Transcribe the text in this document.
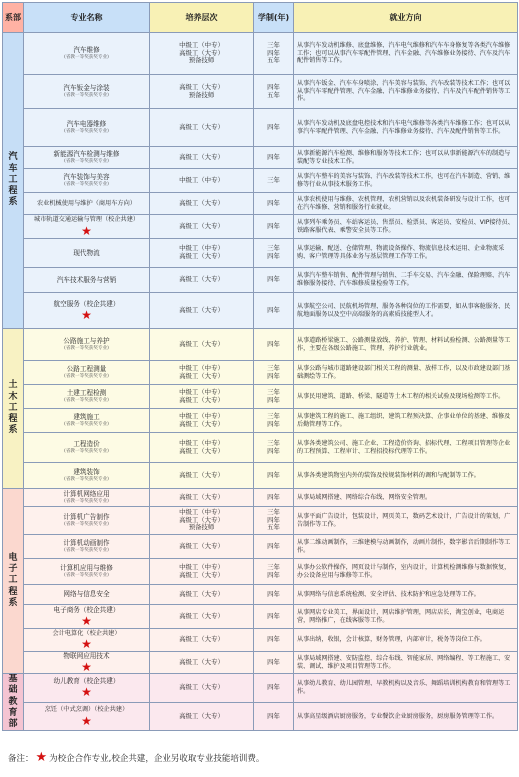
系部	专业名称	培养层次	学制(年)	就业方向
汽车工程系	汽车维修
(省教一等奖获奖专业)	中级工（中专）
高级工（大专）
预备技师	三年
四年
五年	从事汽车发动机维修、底盘维修、汽车电气维修和汽车车身修复等各类汽车维修工作；也可以从事汽车零配件管理、汽车金融、汽车维修业务接待、汽车及汽车配件销售等工作。

	汽车钣金与涂装
(省教一等奖获奖专业)	高级工（大专）
预备技师	四年
五年	从事汽车钣金、汽车车身喷涂、汽车美容与装饰、汽车改装等技术工作；也可以从事汽车零配件管理、汽车金融、汽车维修业务接待、汽车及汽车配件销售等工作。

	汽车电器维修
(省教一等奖获奖专业)	高级工（大专）	四年	从事汽车发动机及底盘电控技术和汽车电气维修等各类汽车维修工作；也可以从事汽车零配件管理、汽车金融、汽车维修业务接待、汽车及配件销售等工作。

	新能源汽车检测与维修
(省教一等奖获奖专业)	高级工（大专）	四年	从事新能源汽车检测、维修和服务等技术工作；也可以从事新能源汽车的制造与装配等专业技术工作。

	汽车装饰与美容
(省教一等奖获奖专业)	中级工（中专）	三年	从事汽车整车的美容与装饰、汽车改装等技术工作，也可在汽车制造、营销、维修等行业从事技术服务工作。

	农业机械使用与维护（商用车方向）	高级工（大专）	四年	从事农机使用与维修、农机管理、农机营销以及农机装备研发与设计工作，也可在汽车维修、营销和服务行业就业。

	城市轨道交通运输与管理（校企共建）
★	高级工（大专）	四年	从事列车乘务员、车站客运员、售票员、检票员、客运员、安检员、VIP接待员、铁路客服代表、乘警安全员等工作。

	现代物流	中级工（中专）
高级工（大专）	三年
四年	从事运输、配送、仓储管理、物流设备操作、物流信息技术运用、企业物流采购、客户管理等具体业务与基层管理工作等工作。

	汽车技术服务与营销	高级工（大专）	四年	从事汽车整车销售、配件管理与销售、二手车交易、汽车金融、保险理赔、汽车维修服务接待、汽车维修质量检验等工作。

	航空服务（校企共建）
★	高级工（大专）	四年	从事航空公司、民航机场管理、服务各种岗位的工作需要，如从事客舱服务、民航地面服务以及空中高端服务的高素质技能型人才。
土木工程系	公路施工与养护
(省教一等奖获奖专业)	高级工（大专）	四年	从事道路桥梁施工、公路测量放线、养护、管理、材料试验检测、公路测量等工作，主要在各级公路施工、管理、养护行业就业。

	公路工程测量
(省教一等奖获奖专业)	中级工（中专）
高级工（大专）	三年
四年	从事公路与城市道路建设部门相关工程的测量、放样工作，以及市政建设部门基础测绘等工作。

	土建工程检测
(省教一等奖获奖专业)	中级工（中专）
高级工（大专）	三年
四年	从事民用建筑、道路、桥梁、隧道等土木工程的相关试验及现场检测等工作。

	建筑施工
(省教一等奖获奖专业)	中级工（中专）
高级工（大专）	三年
四年	从事建筑工程的施工、施工组织、建筑工程预决算、企事业单位的基建、维修及后勤管理等工作。

	工程造价
(省教一等奖获奖专业)	中级工（中专）
高级工（大专）	三年
四年	从事各类建筑公司、施工企业、工程造价咨询、招标代理、工程项目管理等企业的工程预算、工程审计、工程招投标代理等工作。

	建筑装饰
(省教一等奖获奖专业)	高级工（大专）	四年	从事各类建筑物室内外的装饰及按规装饰材料的调和与配制等工作。
电子工程系	计算机网络应用
(省教一等奖获奖专业)	高级工（大专）	四年	从事局域网搭建、网络综合布线、网络安全管理。

	计算机广告制作
(省教一等奖获奖专业)	中级工（中专）
高级工（大专）
预备技师	三年
四年
五年	从事平面广告设计，包装设计，网页美工，数码艺术设计，广告设计的策划，广告制作等工作。

	计算机动画制作
(省教一等奖获奖专业)	高级工（大专）	四年	从事二维动画制作，三维建模与动画制作，动画片制作，数字影音后期制作等工作。

	计算机应用与维修
(省教一等奖获奖专业)	中级工（中专）
高级工（大专）	三年
四年	从事办公软件操作，网页设计与制作，室内设计，计算机检测维修与数据恢复，办公设备应用与维修等工作。

	网络与信息安全	高级工（大专）	四年	从事网络与信息系统检测、安全评估、技术防护和应急处理等工作。

	电子商务（校企共建）
★	高级工（大专）	四年	从事网店专业美工，界面设计，网店维护管理，网店店长，淘宝创业，电商运营，网络推广，在线客服等工作。

	会计电算化（校企共建）
★	高级工（大专）	四年	从事出纳，收银，会计核算，财务管理，内部审计，税务等岗位工作。

	物联网应用技术
★	高级工（大专）	四年	从事局域网搭建、安防监控、综合布线、智能家居、网络编程、等工程施工、安装、调试、维护及项目管理等工作。
基础教育部	幼儿教育（校企共建）
★	高级工（大专）	四年	从事幼儿教育、幼儿园管理、早教机构以及音乐、舞蹈培训机构教育和管理等工作。

	烹饪（中式烹调）（校企共建）
★	高级工（大专）	四年	从事高星级酒店厨房服务，专业餐饮企业厨房服务，厨房服务管理等工作。
备注： ★ 为校企合作专业,校企共建，企业另收取专业技能培训费。
